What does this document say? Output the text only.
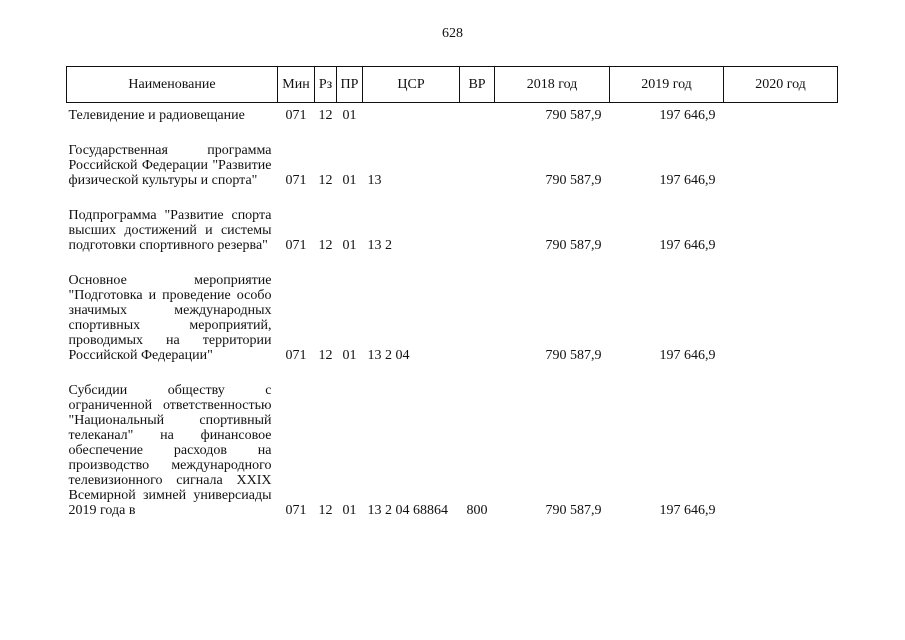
628
Наименование	Мин	Рз	ПР	ЦСР	ВР	2018 год	2019 год	2020 год
Телевидение и радиовещание	071	12	01			790 587,9	197 646,9	

Государственная программа Российской Федерации "Развитие физической культуры и спорта"	071	12	01	13		790 587,9	197 646,9	

Подпрограмма "Развитие спорта высших достижений и системы подготовки спортивного резерва"	071	12	01	13 2		790 587,9	197 646,9	

Основное мероприятие "Подготовка и проведение особо значимых международных спортивных мероприятий, проводимых на территории Российской Федерации"	071	12	01	13 2 04		790 587,9	197 646,9	

Субсидии обществу с ограниченной ответственностью "Национальный спортивный телеканал" на финансовое обеспечение расходов на производство международного телевизионного сигнала XXIX Всемирной зимней универсиады 2019 года в	071	12	01	13 2 04 68864	800	790 587,9	197 646,9	
